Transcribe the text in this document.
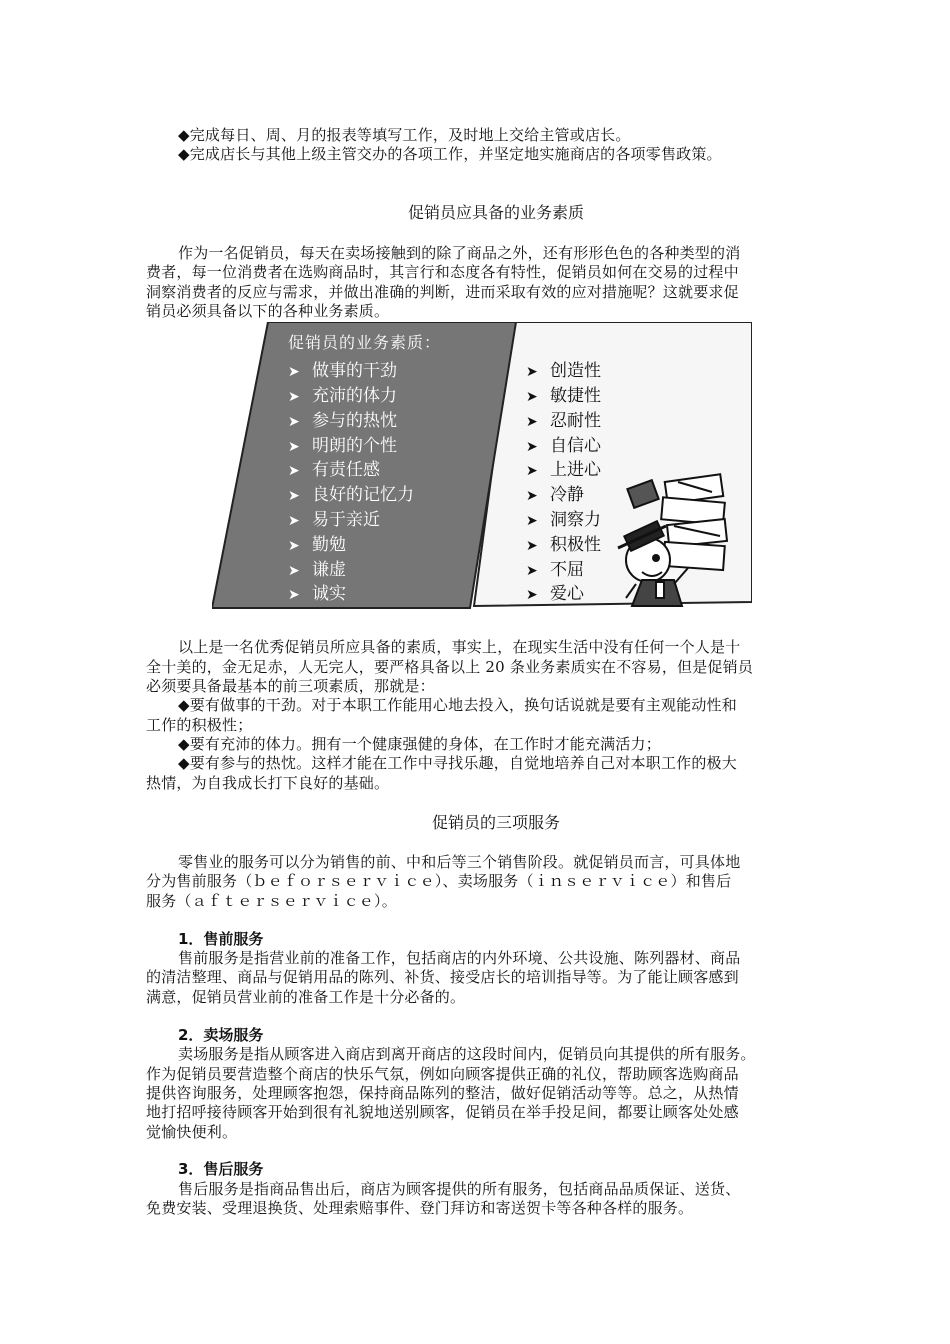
◆完成每日、周、月的报表等填写工作，及时地上交给主管或店长。
◆完成店长与其他上级主管交办的各项工作，并坚定地实施商店的各项零售政策。
促销员应具备的业务素质
作为一名促销员，每天在卖场接触到的除了商品之外，还有形形色色的各种类型的消
费者，每一位消费者在选购商品时，其言行和态度各有特性，促销员如何在交易的过程中
洞察消费者的反应与需求，并做出准确的判断，进而采取有效的应对措施呢？这就要求促
销员必须具备以下的各种业务素质。
促销员的业务素质：
➤ 做事的干劲
➤ 充沛的体力
➤ 参与的热忱
➤ 明朗的个性
➤ 有责任感
➤ 良好的记忆力
➤ 易于亲近
➤ 勤勉
➤ 谦虚
➤ 诚实
➤ 创造性
➤ 敏捷性
➤ 忍耐性
➤ 自信心
➤ 上进心
➤ 冷静
➤ 洞察力
➤ 积极性
➤ 不屈
➤ 爱心
以上是一名优秀促销员所应具备的素质，事实上，在现实生活中没有任何一个人是十
全十美的，金无足赤，人无完人，要严格具备以上 20 条业务素质实在不容易，但是促销员
必须要具备最基本的前三项素质，那就是：
◆要有做事的干劲。对于本职工作能用心地去投入，换句话说就是要有主观能动性和
工作的积极性；
◆要有充沛的体力。拥有一个健康强健的身体，在工作时才能充满活力；
◆要有参与的热忱。这样才能在工作中寻找乐趣，自觉地培养自己对本职工作的极大
热情，为自我成长打下良好的基础。
促销员的三项服务
零售业的服务可以分为销售的前、中和后等三个销售阶段。就促销员而言，可具体地
分为售前服务（ｂｅｆｏｒｓｅｒｖｉｃｅ）、卖场服务（ｉｎｓｅｒｖｉｃｅ）和售后
服务（ａｆｔｅｒｓｅｒｖｉｃｅ）。
1．售前服务
售前服务是指营业前的准备工作，包括商店的内外环境、公共设施、陈列器材、商品
的清洁整理、商品与促销用品的陈列、补货、接受店长的培训指导等。为了能让顾客感到
满意，促销员营业前的准备工作是十分必备的。
2．卖场服务
卖场服务是指从顾客进入商店到离开商店的这段时间内，促销员向其提供的所有服务。
作为促销员要营造整个商店的快乐气氛，例如向顾客提供正确的礼仪，帮助顾客选购商品
提供咨询服务，处理顾客抱怨，保持商品陈列的整洁，做好促销活动等等。总之，从热情
地打招呼接待顾客开始到很有礼貌地送别顾客，促销员在举手投足间，都要让顾客处处感
觉愉快便利。
3．售后服务
售后服务是指商品售出后，商店为顾客提供的所有服务，包括商品品质保证、送货、
免费安装、受理退换货、处理索赔事件、登门拜访和寄送贺卡等各种各样的服务。
